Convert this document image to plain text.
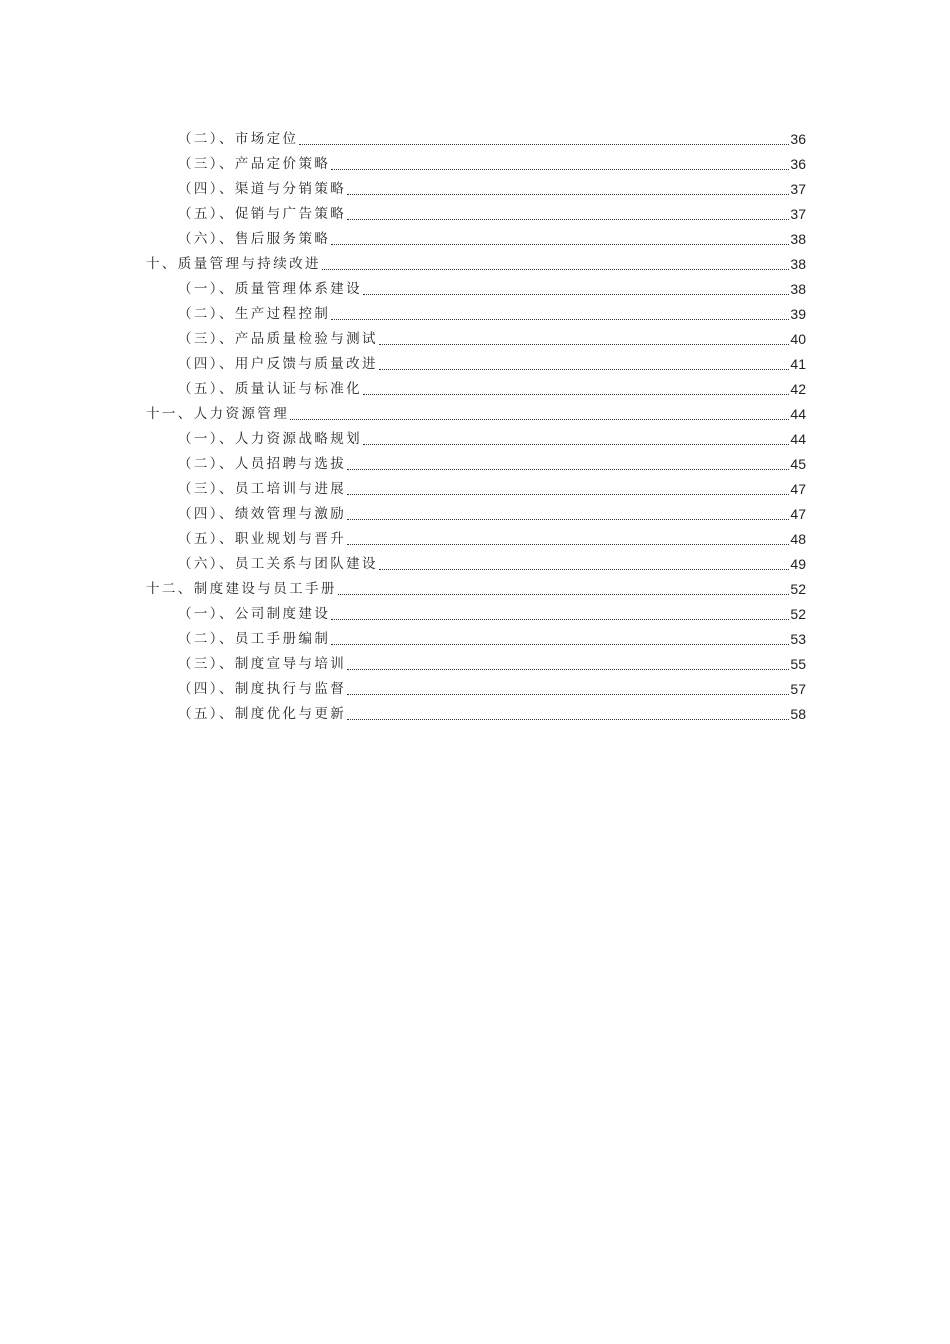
（二）、市场定位	36
（三）、产品定价策略	36
（四）、渠道与分销策略	37
（五）、促销与广告策略	37
（六）、售后服务策略	38
十、质量管理与持续改进	38
（一）、质量管理体系建设	38
（二）、生产过程控制	39
（三）、产品质量检验与测试	40
（四）、用户反馈与质量改进	41
（五）、质量认证与标准化	42
十一、人力资源管理	44
（一）、人力资源战略规划	44
（二）、人员招聘与选拔	45
（三）、员工培训与进展	47
（四）、绩效管理与激励	47
（五）、职业规划与晋升	48
（六）、员工关系与团队建设	49
十二、制度建设与员工手册	52
（一）、公司制度建设	52
（二）、员工手册编制	53
（三）、制度宣导与培训	55
（四）、制度执行与监督	57
（五）、制度优化与更新	58
